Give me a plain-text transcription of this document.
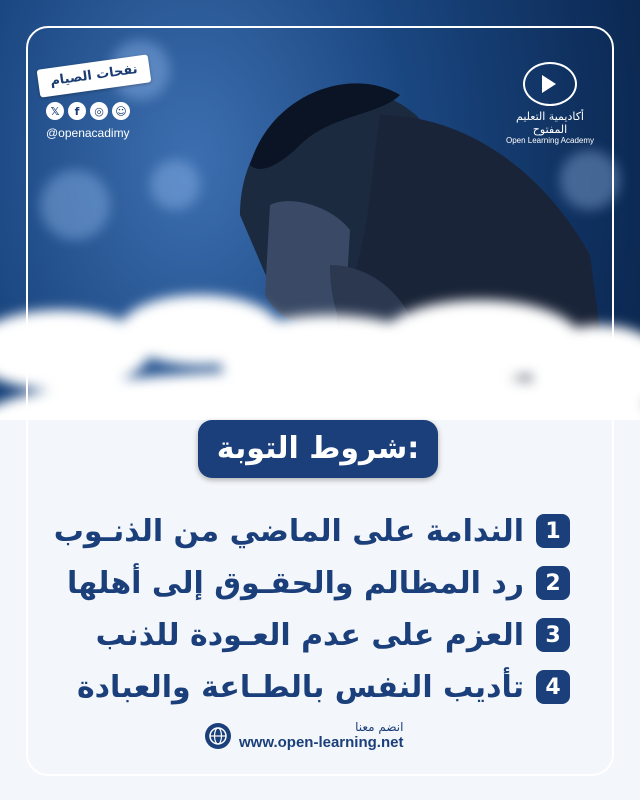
نفحات الصيام
𝕏	f	◎	☺
@openacadimy
أكاديمية التعليم المفتوح
Open Learning Academy
شروط التوبة:
1
الندامة على الماضي من الذنـوب
2
رد المظالم والحقـوق إلى أهلها
3
العزم على عدم العـودة للذنب
4
تأديب النفس بالطـاعة والعبادة
انضم معنا
www.open-learning.net
